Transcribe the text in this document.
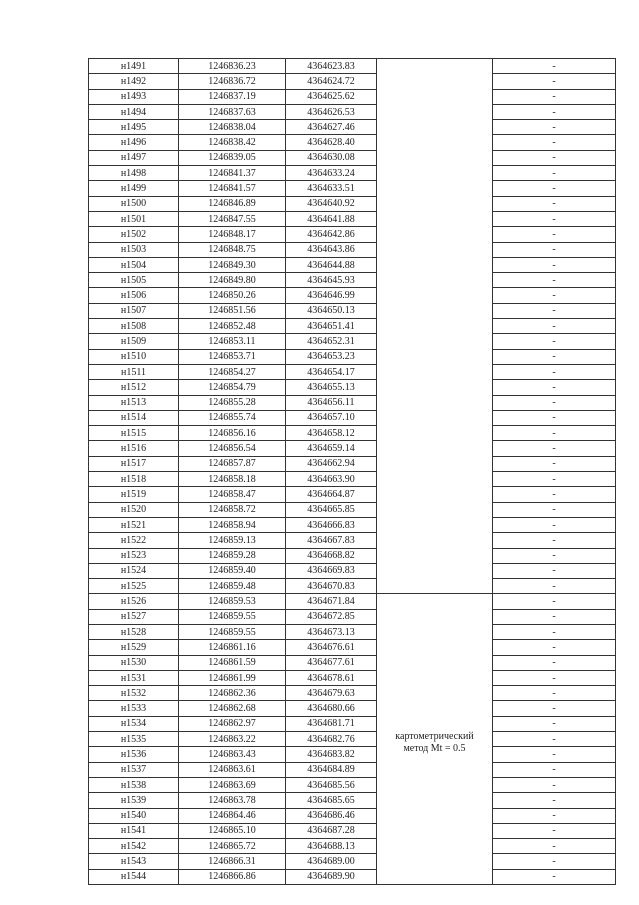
н1491	1246836.23	4364623.83		-
н1492	1246836.72	4364624.72		-
н1493	1246837.19	4364625.62		-
н1494	1246837.63	4364626.53		-
н1495	1246838.04	4364627.46		-
н1496	1246838.42	4364628.40		-
н1497	1246839.05	4364630.08		-
н1498	1246841.37	4364633.24		-
н1499	1246841.57	4364633.51		-
н1500	1246846.89	4364640.92		-
н1501	1246847.55	4364641.88		-
н1502	1246848.17	4364642.86		-
н1503	1246848.75	4364643.86		-
н1504	1246849.30	4364644.88		-
н1505	1246849.80	4364645.93		-
н1506	1246850.26	4364646.99		-
н1507	1246851.56	4364650.13		-
н1508	1246852.48	4364651.41		-
н1509	1246853.11	4364652.31		-
н1510	1246853.71	4364653.23		-
н1511	1246854.27	4364654.17		-
н1512	1246854.79	4364655.13		-
н1513	1246855.28	4364656.11		-
н1514	1246855.74	4364657.10		-
н1515	1246856.16	4364658.12		-
н1516	1246856.54	4364659.14		-
н1517	1246857.87	4364662.94		-
н1518	1246858.18	4364663.90		-
н1519	1246858.47	4364664.87		-
н1520	1246858.72	4364665.85		-
н1521	1246858.94	4364666.83		-
н1522	1246859.13	4364667.83		-
н1523	1246859.28	4364668.82		-
н1524	1246859.40	4364669.83		-
н1525	1246859.48	4364670.83		-
н1526	1246859.53	4364671.84	картометрический
метод Mt = 0.5	-
н1527	1246859.55	4364672.85		-
н1528	1246859.55	4364673.13		-
н1529	1246861.16	4364676.61		-
н1530	1246861.59	4364677.61		-
н1531	1246861.99	4364678.61		-
н1532	1246862.36	4364679.63		-
н1533	1246862.68	4364680.66		-
н1534	1246862.97	4364681.71		-
н1535	1246863.22	4364682.76		-
н1536	1246863.43	4364683.82		-
н1537	1246863.61	4364684.89		-
н1538	1246863.69	4364685.56		-
н1539	1246863.78	4364685.65		-
н1540	1246864.46	4364686.46		-
н1541	1246865.10	4364687.28		-
н1542	1246865.72	4364688.13		-
н1543	1246866.31	4364689.00		-
н1544	1246866.86	4364689.90		-
